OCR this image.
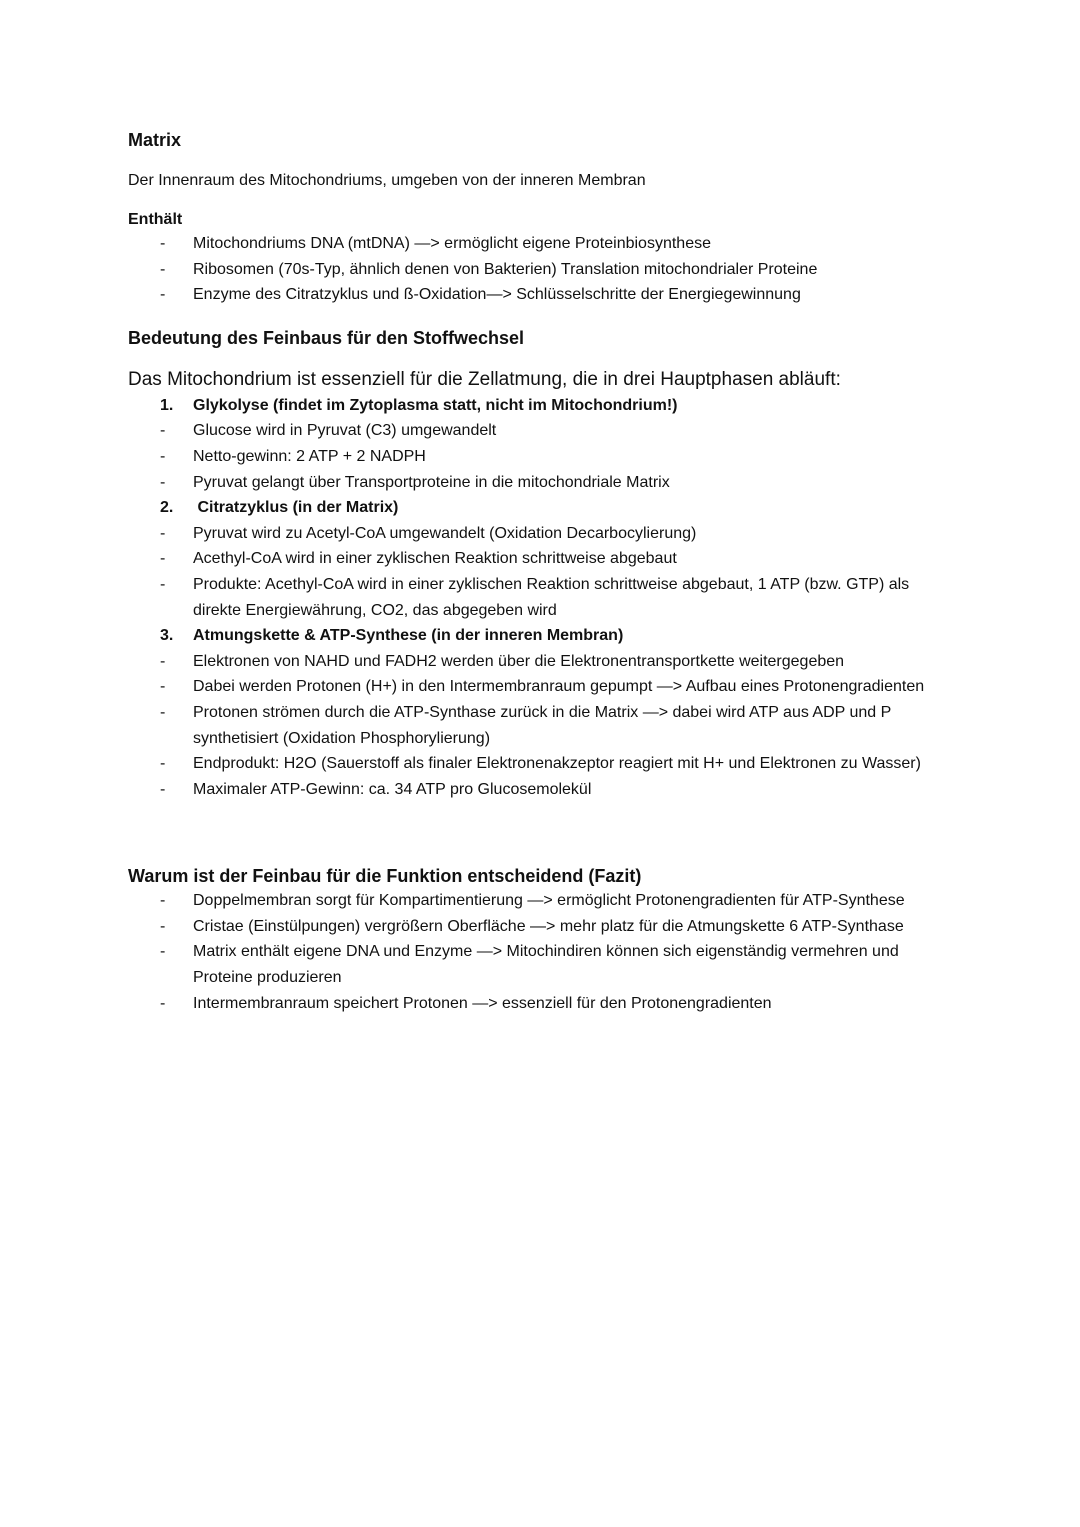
Matrix

Der Innenraum des Mitochondriums, umgeben von der inneren Membran

Enthält

- Mitochondriums DNA (mtDNA) —> ermöglicht eigene Proteinbiosynthese
- Ribosomen (70s-Typ, ähnlich denen von Bakterien) Translation mitochondrialer Proteine
- Enzyme des Citratzyklus und ß-Oxidation—> Schlüsselschritte der Energiegewinnung
Bedeutung des Feinbaus für den Stoffwechsel

Das Mitochondrium ist essenziell für die Zellatmung, die in drei Hauptphasen abläuft:

1. Glykolyse (findet im Zytoplasma statt, nicht im Mitochondrium!)
- Glucose wird in Pyruvat (C3) umgewandelt
- Netto-gewinn: 2 ATP + 2 NADPH
- Pyruvat gelangt über Transportproteine in die mitochondriale Matrix
2. Citratzyklus (in der Matrix)
- Pyruvat wird zu Acetyl-CoA umgewandelt (Oxidation Decarbocylierung)
- Acethyl-CoA wird in einer zyklischen Reaktion schrittweise abgebaut
- Produkte: Acethyl-CoA wird in einer zyklischen Reaktion schrittweise abgebaut, 1 ATP (bzw. GTP) als direkte Energiewährung, CO2, das abgegeben wird
3. Atmungskette & ATP-Synthese (in der inneren Membran)
- Elektronen von NAHD und FADH2 werden über die Elektronentransportkette weitergegeben
- Dabei werden Protonen (H+) in den Intermembranraum gepumpt —> Aufbau eines Protonengradienten
- Protonen strömen durch die ATP-Synthase zurück in die Matrix —> dabei wird ATP aus ADP und P synthetisiert (Oxidation Phosphorylierung)
- Endprodukt: H2O (Sauerstoff als finaler Elektronenakzeptor reagiert mit H+ und Elektronen zu Wasser)
- Maximaler ATP-Gewinn: ca. 34 ATP pro Glucosemolekül
Warum ist der Feinbau für die Funktion entscheidend (Fazit)
- Doppelmembran sorgt für Kompartimentierung —> ermöglicht Protonengradienten für ATP-Synthese
- Cristae (Einstülpungen) vergrößern Oberfläche —> mehr platz für die Atmungskette 6 ATP-Synthase
- Matrix enthält eigene DNA und Enzyme —> Mitochindiren können sich eigenständig vermehren und Proteine produzieren
- Intermembranraum speichert Protonen —> essenziell für den Protonengradienten
